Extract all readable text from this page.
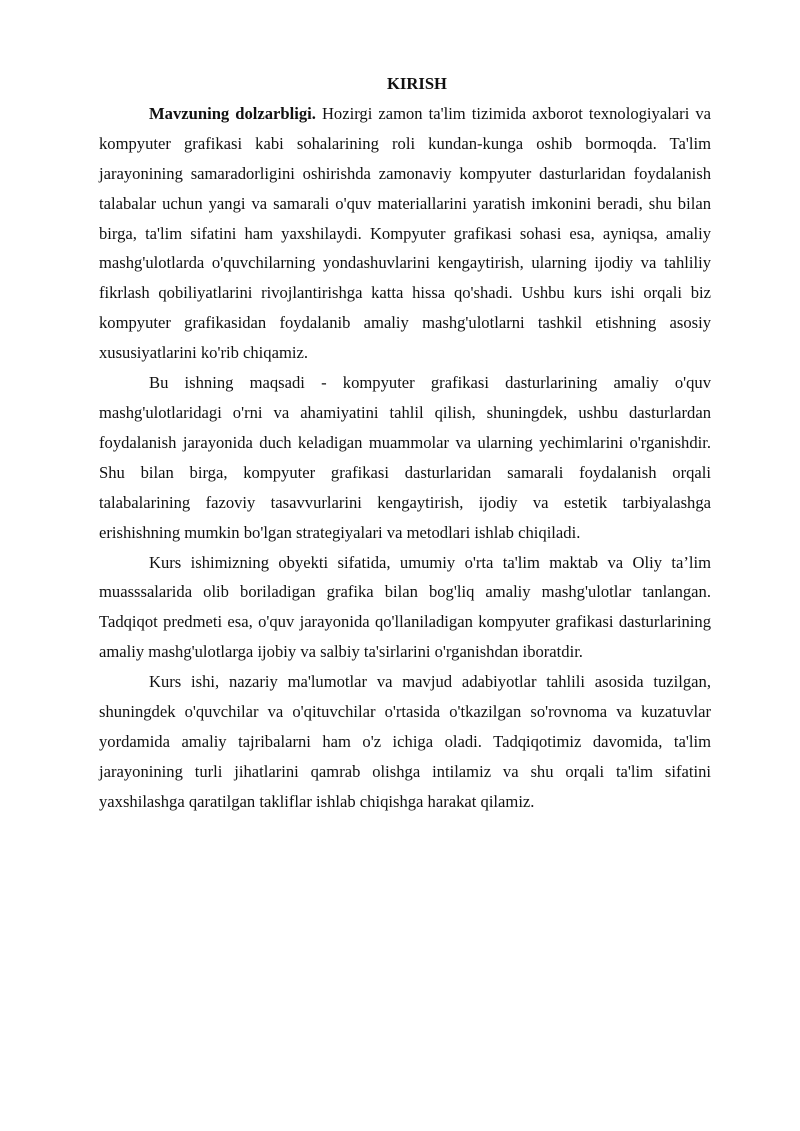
KIRISH

Mavzuning dolzarbligi. Hozirgi zamon ta'lim tizimida axborot texnologiyalari va kompyuter grafikasi kabi sohalarining roli kundan-kunga oshib bormoqda. Ta'lim jarayonining samaradorligini oshirishda zamonaviy kompyuter dasturlaridan foydalanish talabalar uchun yangi va samarali o'quv materiallarini yaratish imkonini beradi, shu bilan birga, ta'lim sifatini ham yaxshilaydi. Kompyuter grafikasi sohasi esa, ayniqsa, amaliy mashg'ulotlarda o'quvchilarning yondashuvlarini kengaytirish, ularning ijodiy va tahliliy fikrlash qobiliyatlarini rivojlantirishga katta hissa qo'shadi. Ushbu kurs ishi orqali biz kompyuter grafikasidan foydalanib amaliy mashg'ulotlarni tashkil etishning asosiy xususiyatlarini ko'rib chiqamiz.

Bu ishning maqsadi - kompyuter grafikasi dasturlarining amaliy o'quv mashg'ulotlaridagi o'rni va ahamiyatini tahlil qilish, shuningdek, ushbu dasturlardan foydalanish jarayonida duch keladigan muammolar va ularning yechimlarini o'rganishdir. Shu bilan birga, kompyuter grafikasi dasturlaridan samarali foydalanish orqali talabalarining fazoviy tasavvurlarini kengaytirish, ijodiy va estetik tarbiyalashga erishishning mumkin bo'lgan strategiyalari va metodlari ishlab chiqiladi.

Kurs ishimizning obyekti sifatida, umumiy o'rta ta'lim maktab va Oliy ta’lim muasssalarida olib boriladigan grafika bilan bog'liq amaliy mashg'ulotlar tanlangan. Tadqiqot predmeti esa, o'quv jarayonida qo'llaniladigan kompyuter grafikasi dasturlarining amaliy mashg'ulotlarga ijobiy va salbiy ta'sirlarini o'rganishdan iboratdir.

Kurs ishi, nazariy ma'lumotlar va mavjud adabiyotlar tahlili asosida tuzilgan, shuningdek o'quvchilar va o'qituvchilar o'rtasida o'tkazilgan so'rovnoma va kuzatuvlar yordamida amaliy tajribalarni ham o'z ichiga oladi. Tadqiqotimiz davomida, ta'lim jarayonining turli jihatlarini qamrab olishga intilamiz va shu orqali ta'lim sifatini yaxshilashga qaratilgan takliflar ishlab chiqishga harakat qilamiz.
